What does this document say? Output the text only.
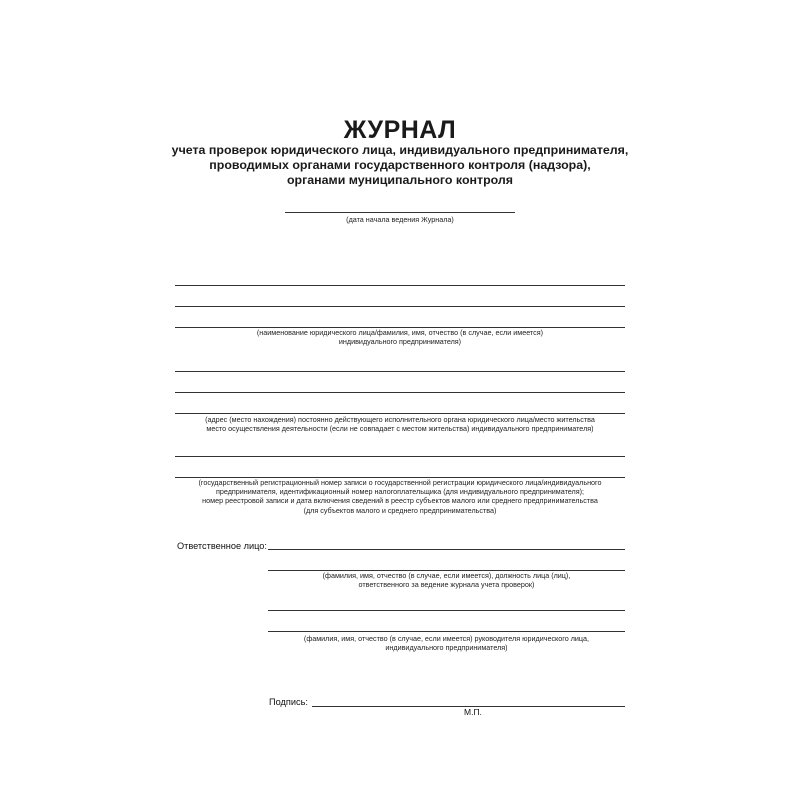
ЖУРНАЛ
учета проверок юридического лица, индивидуального предпринимателя,
проводимых органами государственного контроля (надзора),
органами муниципального контроля
(дата начала ведения Журнала)
(наименование юридического лица/фамилия, имя, отчество (в случае, если имеется)
индивидуального предпринимателя)
(адрес (место нахождения) постоянно действующего исполнительного органа юридического лица/место жительства
место осуществления деятельности (если не совпадает с местом жительства) индивидуального предпринимателя)
(государственный регистрационный номер записи о государственной регистрации юридического лица/индивидуального
предпринимателя, идентификационный номер налогоплательщика (для индивидуального предпринимателя);
номер реестровой записи и дата включения сведений в реестр субъектов малого или среднего предпринимательства
(для субъектов малого и среднего предпринимательства)
Ответственное лицо:
(фамилия, имя, отчество (в случае, если имеется), должность лица (лиц),
ответственного за ведение журнала учета проверок)
(фамилия, имя, отчество (в случае, если имеется) руководителя юридического лица,
индивидуального предпринимателя)
Подпись:
М.П.
